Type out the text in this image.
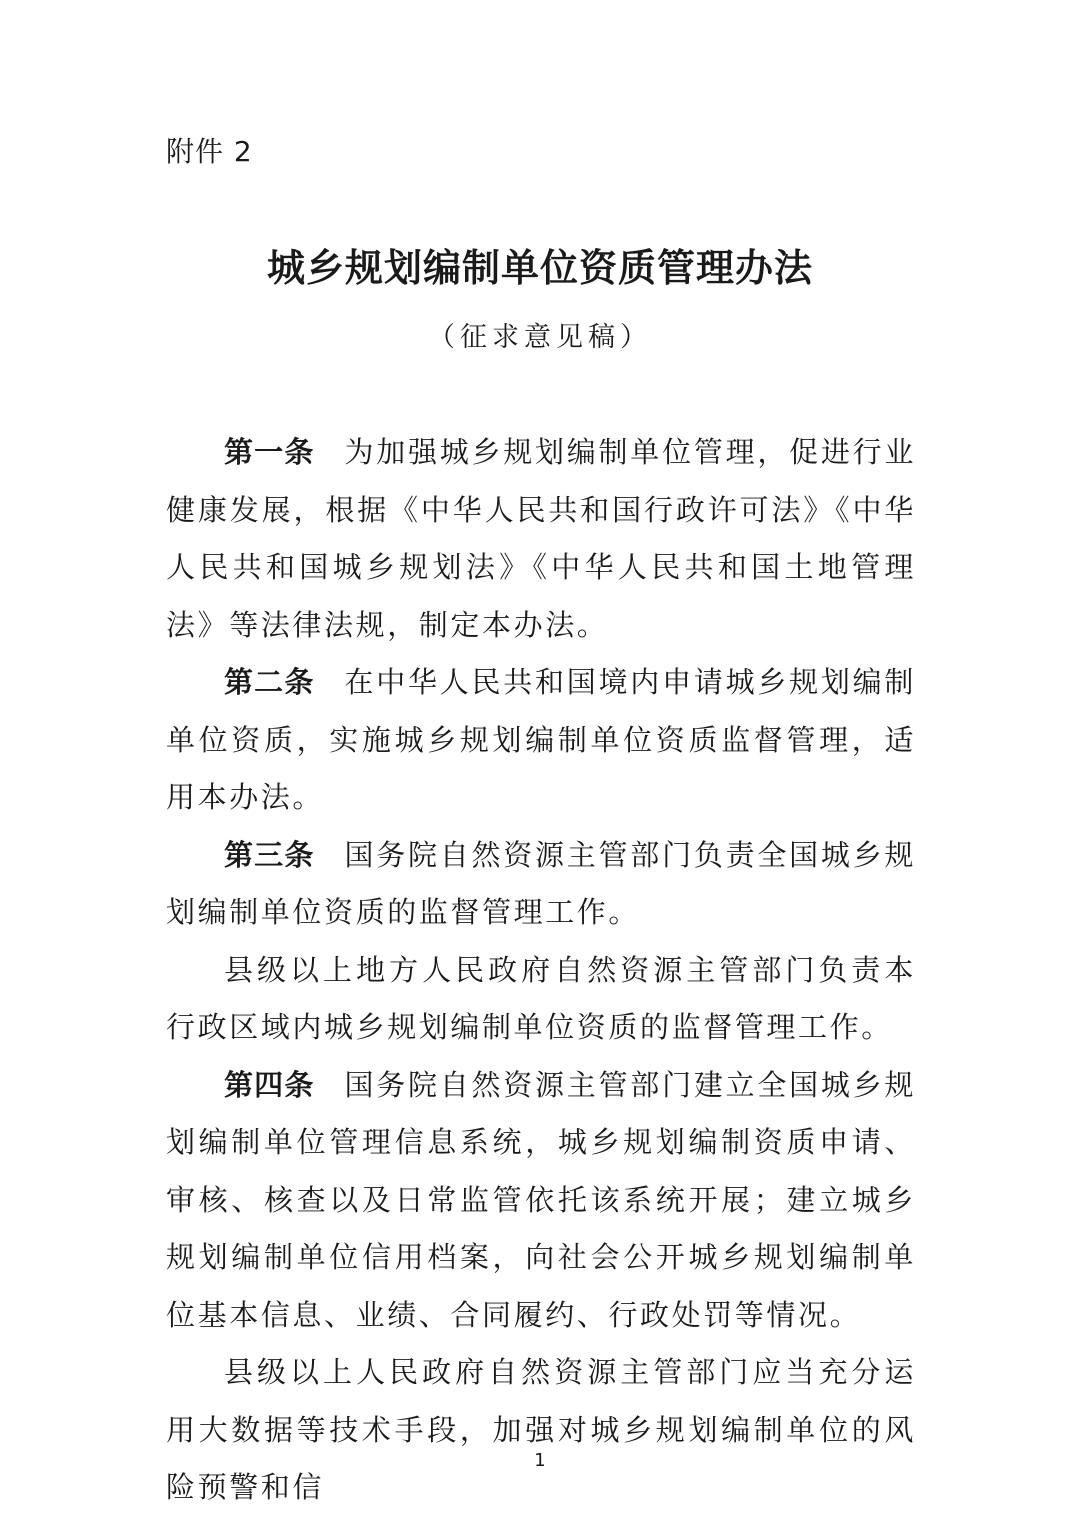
附件 2
城乡规划编制单位资质管理办法
（征求意见稿）

第一条 为加强城乡规划编制单位管理，促进行业健康发展，根据《中华人民共和国行政许可法》《中华人民共和国城乡规划法》《中华人民共和国土地管理法》等法律法规，制定本办法。

第二条 在中华人民共和国境内申请城乡规划编制单位资质，实施城乡规划编制单位资质监督管理，适用本办法。

第三条 国务院自然资源主管部门负责全国城乡规划编制单位资质的监督管理工作。

县级以上地方人民政府自然资源主管部门负责本行政区域内城乡规划编制单位资质的监督管理工作。

第四条 国务院自然资源主管部门建立全国城乡规划编制单位管理信息系统，城乡规划编制资质申请、审核、核查以及日常监管依托该系统开展；建立城乡规划编制单位信用档案，向社会公开城乡规划编制单位基本信息、业绩、合同履约、行政处罚等情况。

县级以上人民政府自然资源主管部门应当充分运用大数据等技术手段，加强对城乡规划编制单位的风险预警和信

1
